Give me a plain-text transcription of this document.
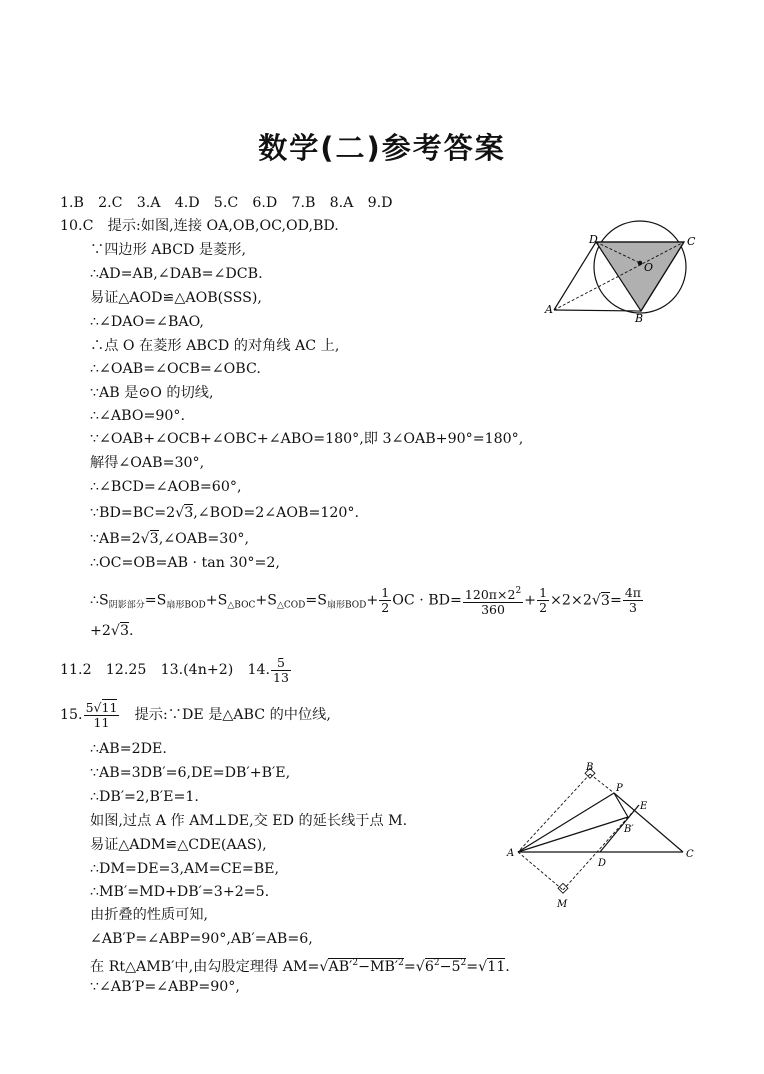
数学(二)参考答案
1.B　2.C　3.A　4.D　5.C　6.D　7.B　8.A　9.D
10.C　提示:如图,连接 OA,OB,OC,OD,BD.
∵四边形 ABCD 是菱形,
∴AD=AB,∠DAB=∠DCB.
易证△AOD≌△AOB(SSS),
∴∠DAO=∠BAO,
∴点 O 在菱形 ABCD 的对角线 AC 上,
∴∠OAB=∠OCB=∠OBC.
∵AB 是⊙O 的切线,
∴∠ABO=90°.
∵∠OAB+∠OCB+∠OBC+∠ABO=180°,即 3∠OAB+90°=180°,
解得∠OAB=30°,
∴∠BCD=∠AOB=60°,
∵BD=BC=2√3,∠BOD=2∠AOB=120°.
∵AB=2√3,∠OAB=30°,
∴OC=OB=AB · tan 30°=2,
$\therefore S_{阴影部分}=S_{扇形BOD}+S_{\triangle BOC}+S_{\triangle COD}=S_{扇形BOD}+ \frac{1}{2}$ OC · $BD= \frac{120\pi\times 2^2}{360} + \frac{1}{2} \times 2\times 2√3= \frac{4\pi}{3}$
+2√3.
D	C
O
A
B
11.2　12.25　13.(4n+2)　14. $\frac{5}{13}$
15. $\frac{5√11}{11}$
　 提示:∵DE 是△ABC 的中位线,
∴AB=2DE.
∵AB=3DB′=6,DE=DB′+B′E,
∴DB′=2,B′E=1.
如图,过点 A 作 AM⊥DE,交 ED 的延长线于点 M.
易证△ADM≌△CDE(AAS),
∴DM=DE=3,AM=CE=BE,
∴MB′=MD+DB′=3+2=5.
由折叠的性质可知,
∠AB′P=∠ABP=90°,AB′=AB=6,
在 Rt△AMB′中,由勾股定理得 $AM=√AB'^2-MB'^2=√6^2-5^2=√11$.
∵∠AB′P=∠ABP=90°,
B
P
E
B′
A
D
C
M
